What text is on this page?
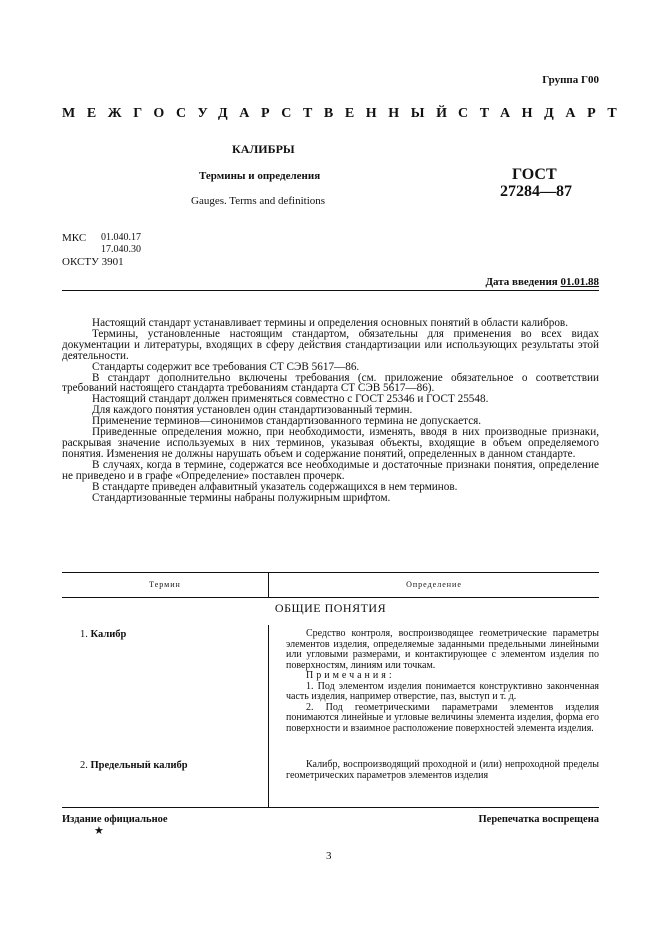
Группа Г00
МЕЖГОСУДАРСТВЕННЫЙ СТАНДАРТ
КАЛИБРЫ
Термины и определения
Gauges. Terms and definitions
ГОСТ
27284—87
МКС 01.040.17
17.040.30
ОКСТУ 3901
Дата введения 01.01.88

Настоящий стандарт устанавливает термины и определения основных понятий в области калибров.

Термины, установленные настоящим стандартом, обязательны для применения во всех видах документации и литературы, входящих в сферу действия стандартизации или использующих результаты этой деятельности.

Стандарты содержит все требования СТ СЭВ 5617—86.

В стандарт дополнительно включены требования (см. приложение обязательное о соответствии требований настоящего стандарта требованиям стандарта СТ СЭВ 5617—86).

Настоящий стандарт должен применяться совместно с ГОСТ 25346 и ГОСТ 25548.

Для каждого понятия установлен один стандартизованный термин.

Применение терминов—синонимов стандартизованного термина не допускается.

Приведенные определения можно, при необходимости, изменять, вводя в них производные признаки, раскрывая значение используемых в них терминов, указывая объекты, входящие в объем определяемого понятия. Изменения не должны нарушать объем и содержание понятий, определенных в данном стандарте.

В случаях, когда в термине, содержатся все необходимые и достаточные признаки понятия, определение не приведено и в графе «Определение» поставлен прочерк.

В стандарте приведен алфавитный указатель содержащихся в нем терминов.

Стандартизованные термины набраны полужирным шрифтом.

Термин	Определение
ОБЩИЕ ПОНЯТИЯ
1. Калибр	Средство контроля, воспроизводящее геометрические параметры элементов изделия, определяемые заданными предельными линейными или угловыми размерами, и контактирующее с элементом изделия по поверхностям, линиям или точкам.

Примечания:

1. Под элементом изделия понимается конструктивно законченная часть изделия, например отверстие, паз, выступ и т. д.

2. Под геометрическими параметрами элементов изделия понимаются линейные и угловые величины элемента изделия, форма его поверхности и взаимное расположение поверхностей элемента изделия.

2. Предельный калибр	Калибр, воспроизводящий проходной и (или) непроходной пределы геометрических параметров элементов изделия

Издание официальное	Перепечатка воспрещена
★
3
